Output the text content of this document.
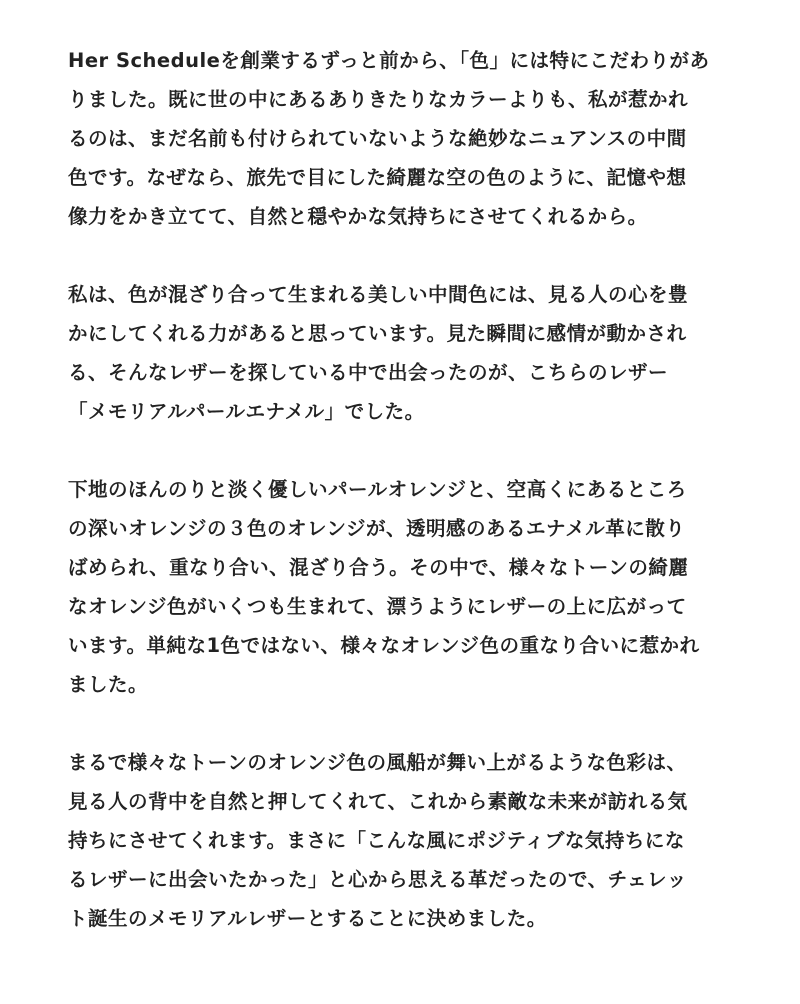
Her Scheduleを創業するずっと前から、「色」には特にこだわりがあ
りました。既に世の中にあるありきたりなカラーよりも、私が惹かれ
るのは、まだ名前も付けられていないような絶妙なニュアンスの中間
色です。なぜなら、旅先で目にした綺麗な空の色のように、記憶や想
像力をかき立てて、自然と穏やかな気持ちにさせてくれるから。

私は、色が混ざり合って生まれる美しい中間色には、見る人の心を豊
かにしてくれる力があると思っています。見た瞬間に感情が動かされ
る、そんなレザーを探している中で出会ったのが、こちらのレザー
「メモリアルパールエナメル」でした。

下地のほんのりと淡く優しいパールオレンジと、空高くにあるところ
の深いオレンジの３色のオレンジが、透明感のあるエナメル革に散り
ばめられ、重なり合い、混ざり合う。その中で、様々なトーンの綺麗
なオレンジ色がいくつも生まれて、漂うようにレザーの上に広がって
います。単純な1色ではない、様々なオレンジ色の重なり合いに惹かれ
ました。

まるで様々なトーンのオレンジ色の風船が舞い上がるような色彩は、
見る人の背中を自然と押してくれて、これから素敵な未来が訪れる気
持ちにさせてくれます。まさに「こんな風にポジティブな気持ちにな
るレザーに出会いたかった」と心から思える革だったので、チェレッ
ト誕生のメモリアルレザーとすることに決めました。
